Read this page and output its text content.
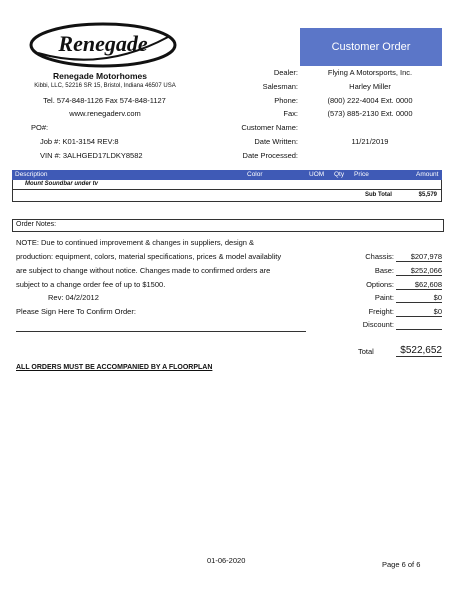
Renegade
Renegade Motorhomes
Kibbi, LLC, 52216 SR 15, Bristol, Indiana 46507 USA
Tel. 574-848-1126 Fax 574-848-1127
www.renegaderv.com
PO#:
Job #: K01-3154 REV:8
VIN #: 3ALHGED17LDKY8582
Customer Order
Dealer:	Flying A Motorsports, Inc.
Salesman:	Harley Miller
Phone:	(800) 222-4004 Ext. 0000
Fax:	(573) 885-2130 Ext. 0000
Customer Name:
Date Written:	11/21/2019
Date Processed:
Description	Color	UOM Qty Price	Amount
Mount Soundbar under tv
Sub Total	$5,579
Order Notes:
NOTE: Due to continued improvement & changes in suppliers, design &
production: equipment, colors, material specifications, prices & model availablity
are subject to change without notice. Changes made to confirmed orders are
subject to a change order fee of up to $1500.
Rev: 04/2/2012
Please Sign Here To Confirm Order:
Chassis:	$207,978
Base:	$252,066
Options:	$62,608
Paint:	$0
Freight:	$0
Discount:
Total	$522,652
ALL ORDERS MUST BE ACCOMPANIED BY A FLOORPLAN
01-06-2020	Page 6 of 6
